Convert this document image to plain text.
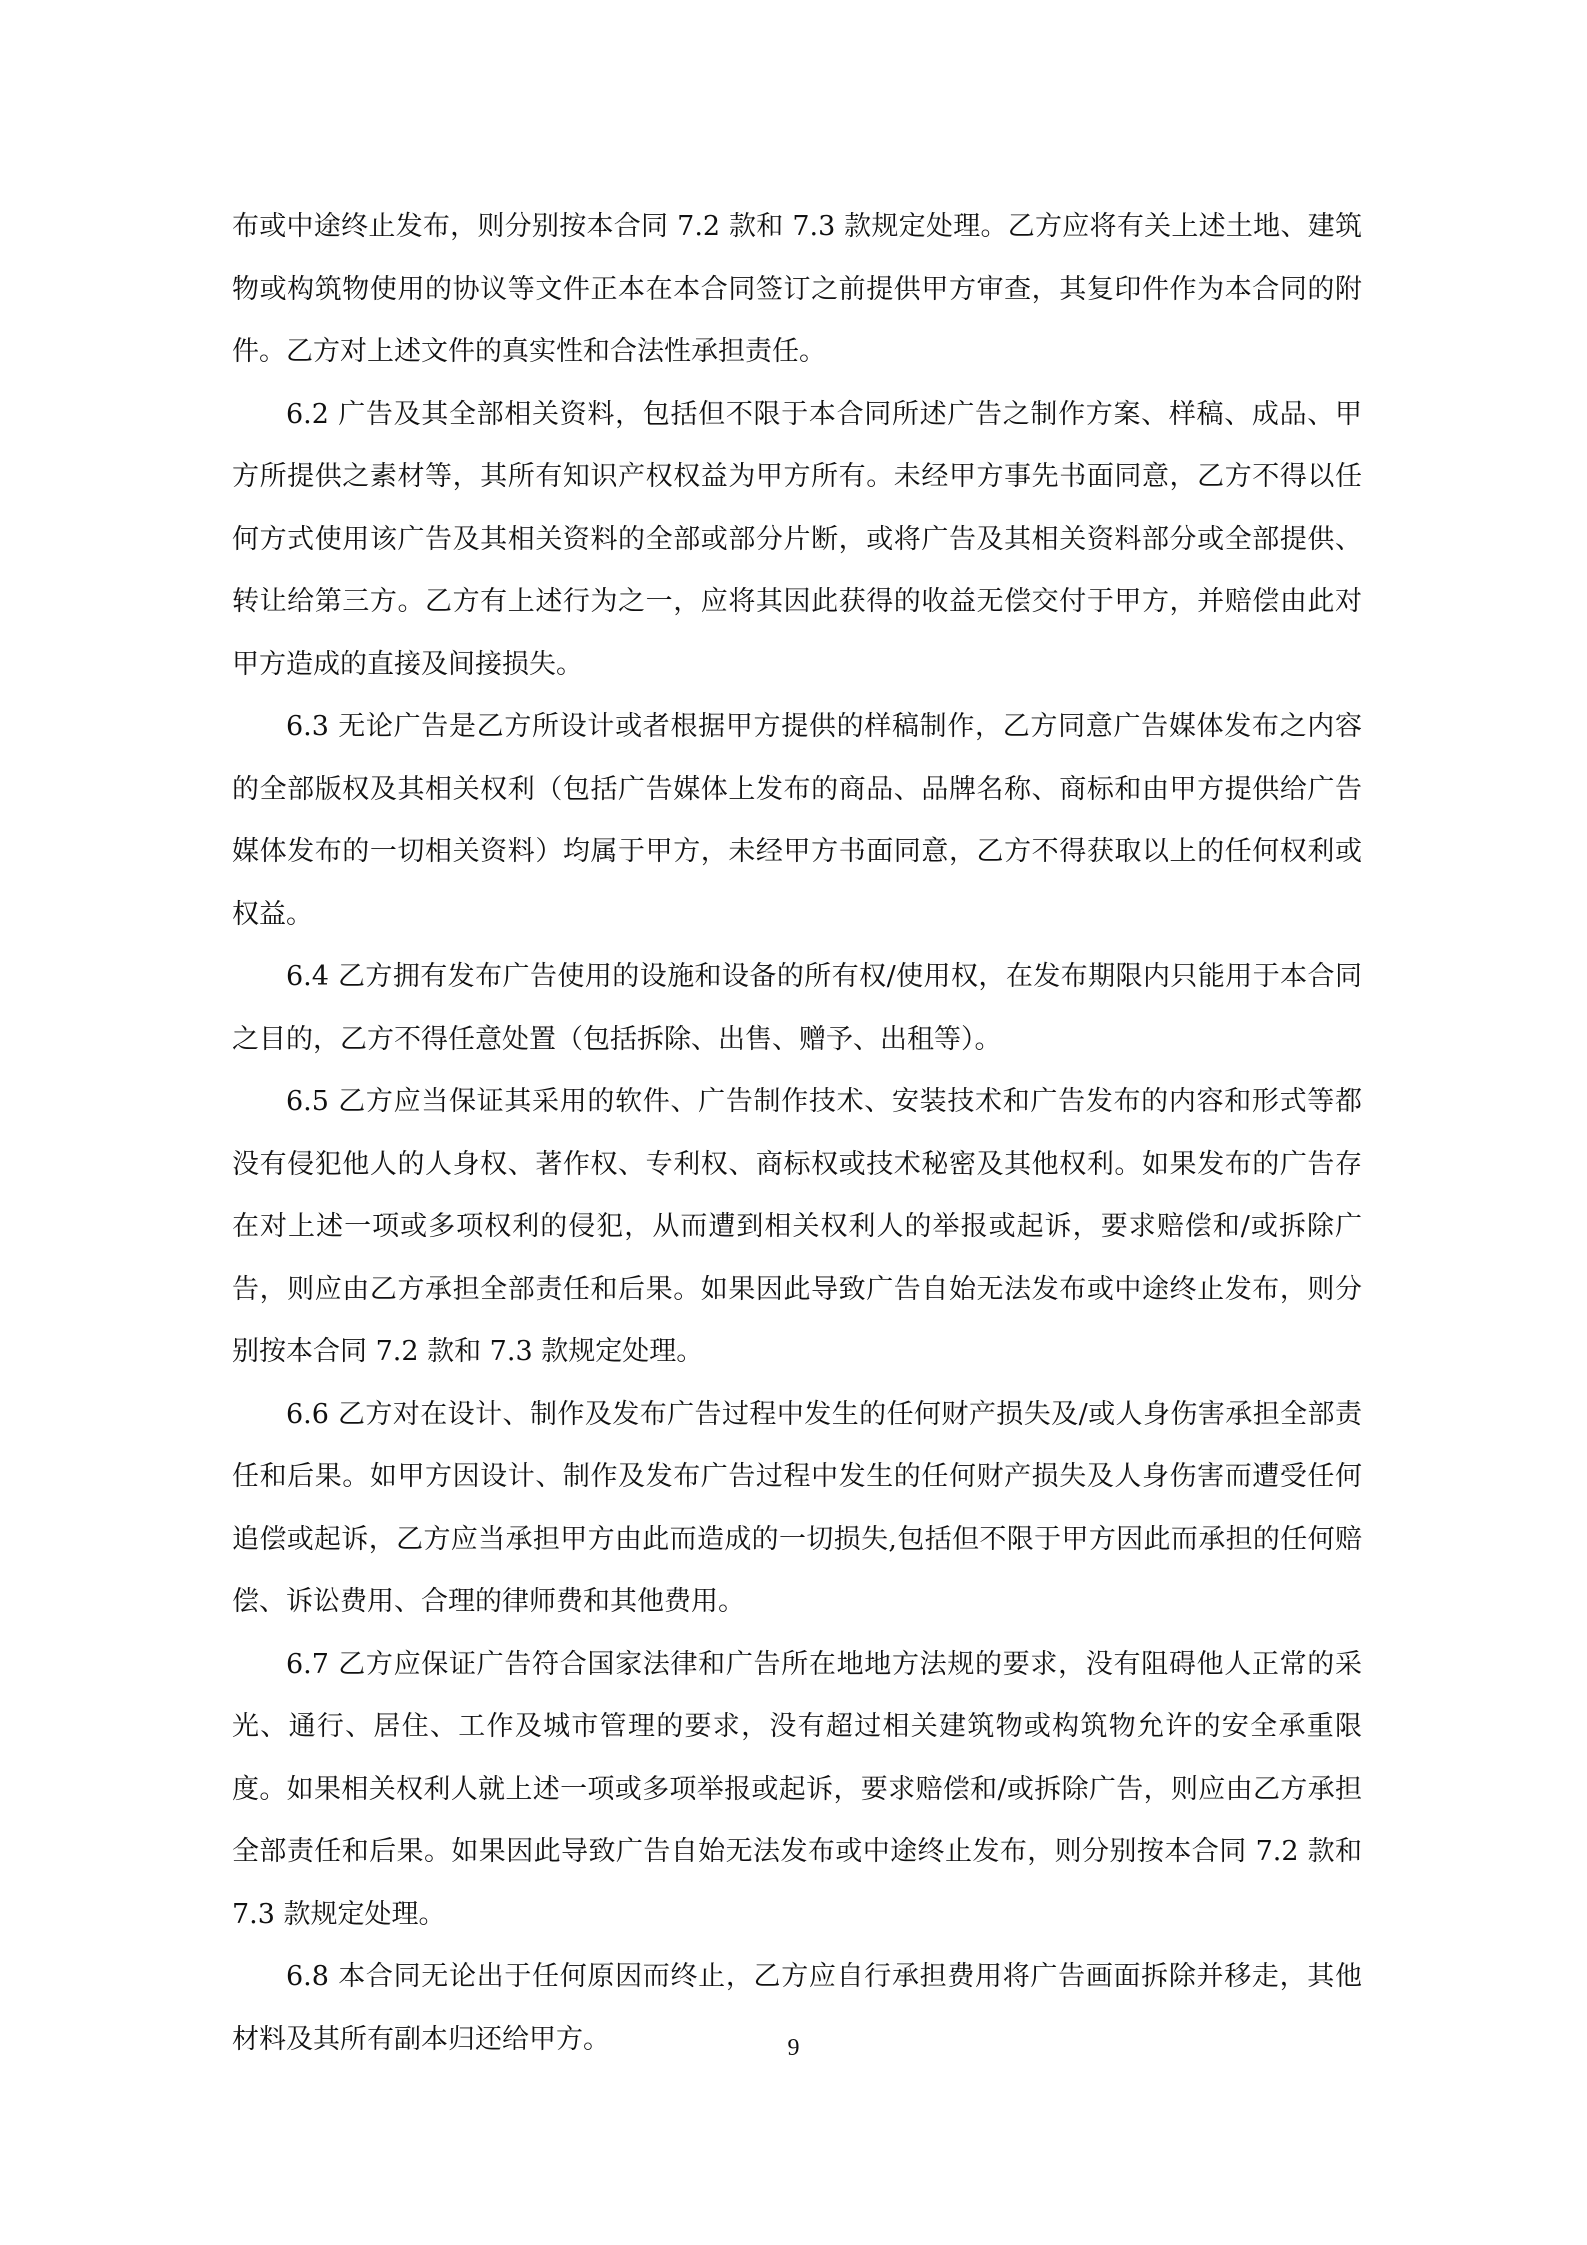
布或中途终止发布，则分别按本合同 7.2 款和 7.3 款规定处理。乙方应将有关上述土地、建筑物或构筑物使用的协议等文件正本在本合同签订之前提供甲方审查，其复印件作为本合同的附件。乙方对上述文件的真实性和合法性承担责任。

6.2 广告及其全部相关资料，包括但不限于本合同所述广告之制作方案、样稿、成品、甲方所提供之素材等，其所有知识产权权益为甲方所有。未经甲方事先书面同意，乙方不得以任何方式使用该广告及其相关资料的全部或部分片断，或将广告及其相关资料部分或全部提供、转让给第三方。乙方有上述行为之一，应将其因此获得的收益无偿交付于甲方，并赔偿由此对甲方造成的直接及间接损失。

6.3 无论广告是乙方所设计或者根据甲方提供的样稿制作，乙方同意广告媒体发布之内容的全部版权及其相关权利（包括广告媒体上发布的商品、品牌名称、商标和由甲方提供给广告媒体发布的一切相关资料）均属于甲方，未经甲方书面同意，乙方不得获取以上的任何权利或权益。

6.4 乙方拥有发布广告使用的设施和设备的所有权/使用权，在发布期限内只能用于本合同之目的，乙方不得任意处置（包括拆除、出售、赠予、出租等）。

6.5 乙方应当保证其采用的软件、广告制作技术、安装技术和广告发布的内容和形式等都没有侵犯他人的人身权、著作权、专利权、商标权或技术秘密及其他权利。如果发布的广告存在对上述一项或多项权利的侵犯，从而遭到相关权利人的举报或起诉，要求赔偿和/或拆除广告，则应由乙方承担全部责任和后果。如果因此导致广告自始无法发布或中途终止发布，则分别按本合同 7.2 款和 7.3 款规定处理。

6.6 乙方对在设计、制作及发布广告过程中发生的任何财产损失及/或人身伤害承担全部责任和后果。如甲方因设计、制作及发布广告过程中发生的任何财产损失及人身伤害而遭受任何追偿或起诉，乙方应当承担甲方由此而造成的一切损失,包括但不限于甲方因此而承担的任何赔偿、诉讼费用、合理的律师费和其他费用。

6.7 乙方应保证广告符合国家法律和广告所在地地方法规的要求，没有阻碍他人正常的采光、通行、居住、工作及城市管理的要求，没有超过相关建筑物或构筑物允许的安全承重限度。如果相关权利人就上述一项或多项举报或起诉，要求赔偿和/或拆除广告，则应由乙方承担全部责任和后果。如果因此导致广告自始无法发布或中途终止发布，则分别按本合同 7.2 款和 7.3 款规定处理。

6.8 本合同无论出于任何原因而终止，乙方应自行承担费用将广告画面拆除并移走，其他材料及其所有副本归还给甲方。	9
